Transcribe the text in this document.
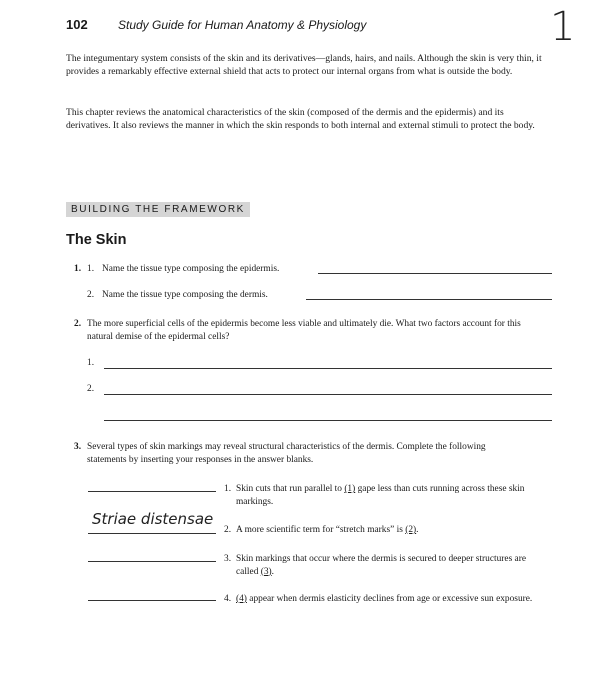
102	Study Guide for Human Anatomy & Physiology	1
The integumentary system consists of the skin and its derivatives—glands, hairs, and nails. Although the skin is very thin, it provides a remarkably effective external shield that acts to protect our internal organs from what is outside the body.
This chapter reviews the anatomical characteristics of the skin (composed of the dermis and the epidermis) and its derivatives. It also reviews the manner in which the skin responds to both internal and external stimuli to protect the body.
BUILDING THE FRAMEWORK
The Skin
1. 1. Name the tissue type composing the epidermis.
2. Name the tissue type composing the dermis.
2. The more superficial cells of the epidermis become less viable and ultimately die. What two factors account for this natural demise of the epidermal cells?
1.
2.
3. Several types of skin markings may reveal structural characteristics of the dermis. Complete the following statements by inserting your responses in the answer blanks.
Striae distensae
1. Skin cuts that run parallel to (1) gape less than cuts running across these skin markings.
2. A more scientific term for “stretch marks” is (2).
3. Skin markings that occur where the dermis is secured to deeper structures are called (3).
4. (4) appear when dermis elasticity declines from age or excessive sun exposure.
